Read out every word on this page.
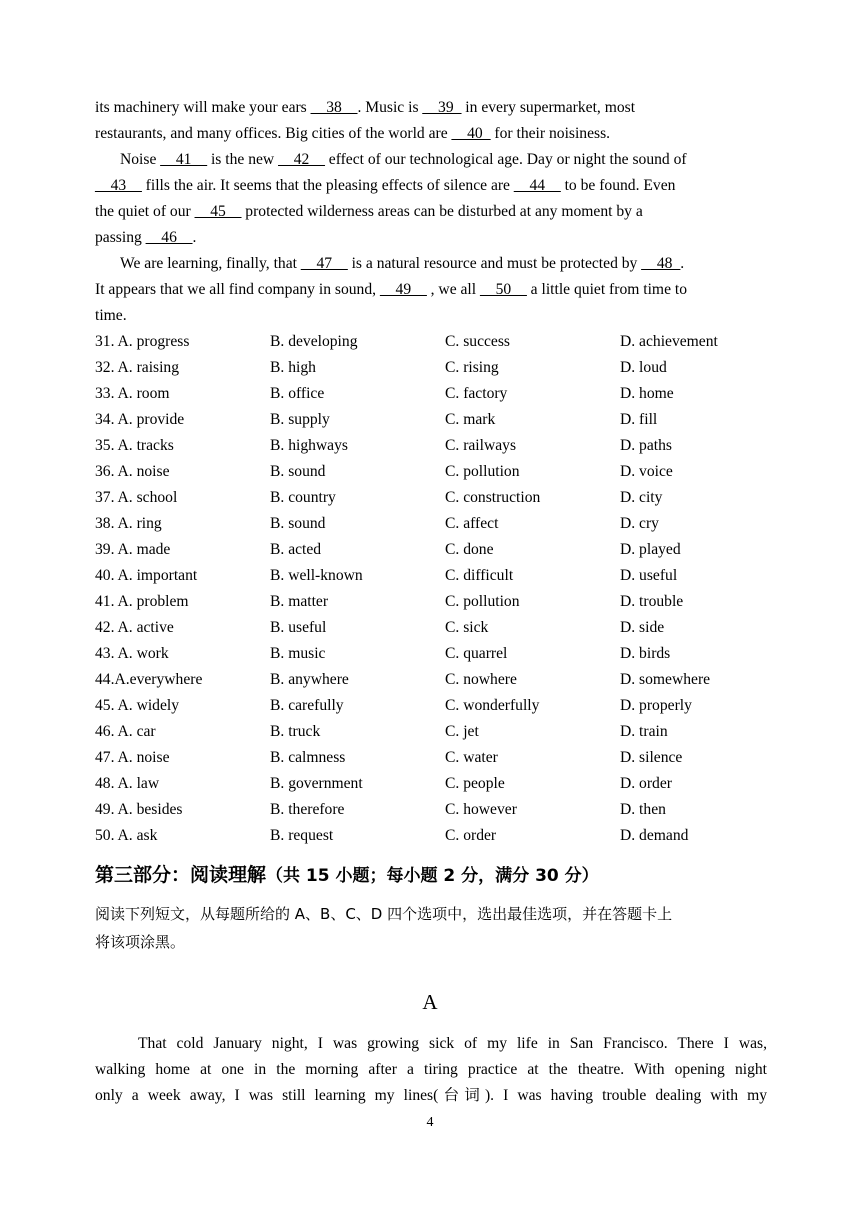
its machinery will make your ears __38__. Music is __39_ in every supermarket, most
restaurants, and many offices. Big cities of the world are __40_ for their noisiness.
Noise __41__ is the new __42__ effect of our technological age. Day or night the sound of
__43__ fills the air. It seems that the pleasing effects of silence are __44__ to be found. Even
the quiet of our __45__ protected wilderness areas can be disturbed at any moment by a
passing __46__.
We are learning, finally, that __47__ is a natural resource and must be protected by __48_.
It appears that we all find company in sound, __49__ , we all __50__ a little quiet from time to
time.
31. A. progress	B. developing	C. success	D. achievement
32. A. raising	B. high	C. rising	D. loud
33. A. room	B. office	C. factory	D. home
34. A. provide	B. supply	C. mark	D. fill
35. A. tracks	B. highways	C. railways	D. paths
36. A. noise	B. sound	C. pollution	D. voice
37. A. school	B. country	C. construction	D. city
38. A. ring	B. sound	C. affect	D. cry
39. A. made	B. acted	C. done	D. played
40. A. important	B. well-known	C. difficult	D. useful
41. A. problem	B. matter	C. pollution	D. trouble
42. A. active	B. useful	C. sick	D. side
43. A. work	B. music	C. quarrel	D. birds
44.A.everywhere	B. anywhere	C. nowhere	D. somewhere
45. A. widely	B. carefully	C. wonderfully	D. properly
46. A. car	B. truck	C. jet	D. train
47. A. noise	B. calmness	C. water	D. silence
48. A. law	B. government	C. people	D. order
49. A. besides	B. therefore	C. however	D. then
50. A. ask	B. request	C. order	D. demand
第三部分：阅读理解（共 15 小题；每小题 2 分，满分 30 分）
阅读下列短文，从每题所给的 A、B、C、D 四个选项中，选出最佳选项，并在答题卡上
将该项涂黑。
A
That cold January night, I was growing sick of my life in San Francisco. There I was,
walking home at one in the morning after a tiring practice at the theatre. With opening night
only a week away, I was still learning my lines(台词). I was having trouble dealing with my
4
